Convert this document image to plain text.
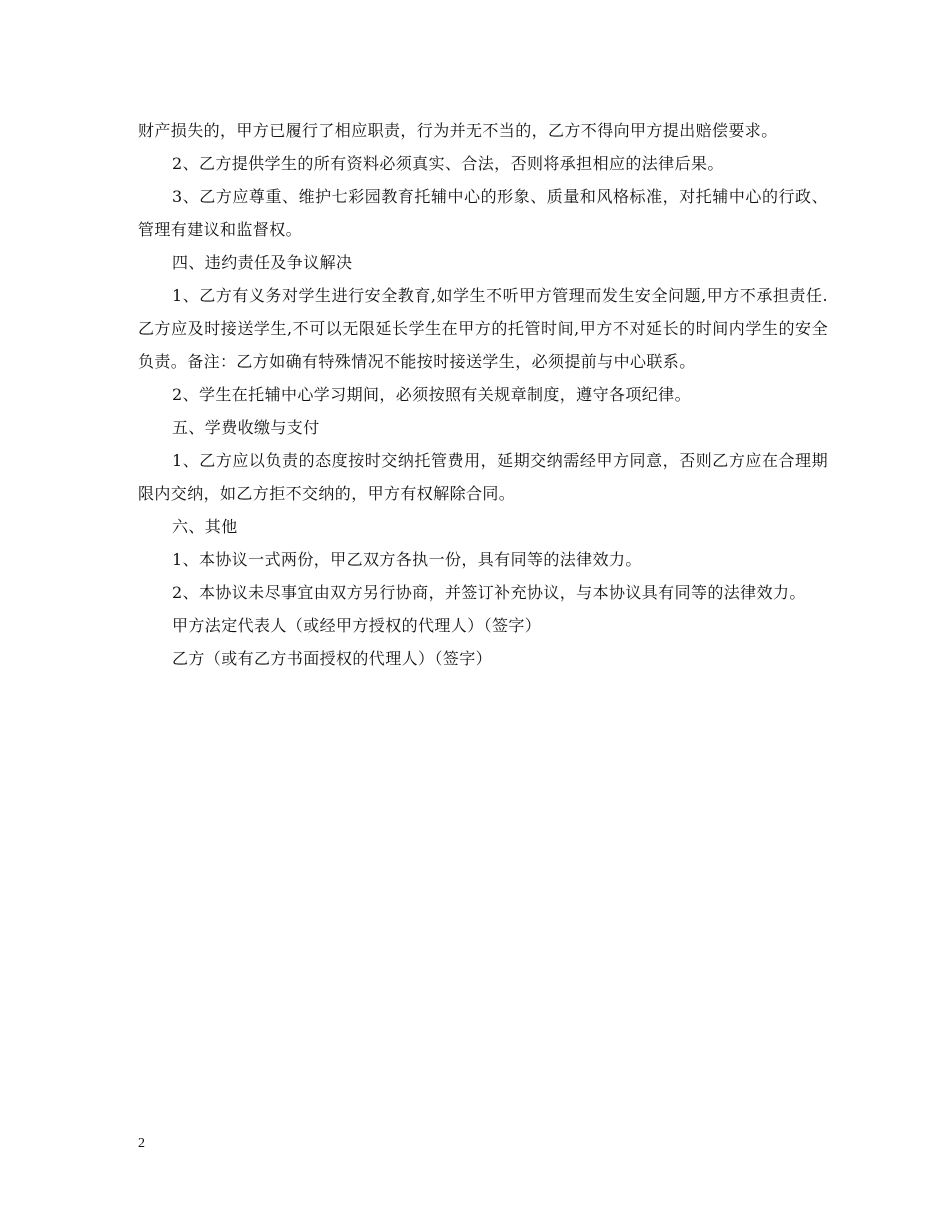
财产损失的，甲方已履行了相应职责，行为并无不当的，乙方不得向甲方提出赔偿要求。

2、乙方提供学生的所有资料必须真实、合法，否则将承担相应的法律后果。

3、乙方应尊重、维护七彩园教育托辅中心的形象、质量和风格标准，对托辅中心的行政、管理有建议和监督权。

四、违约责任及争议解决

1、乙方有义务对学生进行安全教育,如学生不听甲方管理而发生安全问题,甲方不承担责任.乙方应及时接送学生,不可以无限延长学生在甲方的托管时间,甲方不对延长的时间内学生的安全负责。备注：乙方如确有特殊情况不能按时接送学生，必须提前与中心联系。

2、学生在托辅中心学习期间，必须按照有关规章制度，遵守各项纪律。

五、学费收缴与支付

1、乙方应以负责的态度按时交纳托管费用，延期交纳需经甲方同意，否则乙方应在合理期限内交纳，如乙方拒不交纳的，甲方有权解除合同。

六、其他

1、本协议一式两份，甲乙双方各执一份，具有同等的法律效力。

2、本协议未尽事宜由双方另行协商，并签订补充协议，与本协议具有同等的法律效力。

甲方法定代表人（或经甲方授权的代理人）（签字）

乙方（或有乙方书面授权的代理人）（签字）

2
